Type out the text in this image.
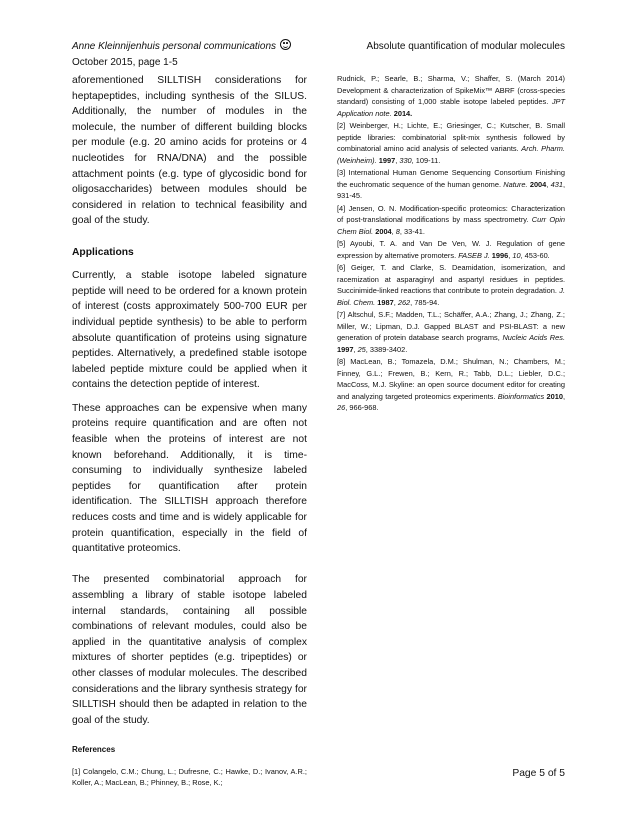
Anne Kleinnijenhuis personal communications
October 2015, page 1-5
Absolute quantification of modular molecules

aforementioned SILLTISH considerations for heptapeptides, including synthesis of the SILUS. Additionally, the number of modules in the molecule, the number of different building blocks per module (e.g. 20 amino acids for proteins or 4 nucleotides for RNA/DNA) and the possible attachment points (e.g. type of glycosidic bond for oligosaccharides) between modules should be considered in relation to technical feasibility and goal of the study.

Applications

Currently, a stable isotope labeled signature peptide will need to be ordered for a known protein of interest (costs approximately 500-700 EUR per individual peptide synthesis) to be able to perform absolute quantification of proteins using signature peptides. Alternatively, a predefined stable isotope labeled peptide mixture could be applied when it contains the detection peptide of interest.

These approaches can be expensive when many proteins require quantification and are often not feasible when the proteins of interest are not known beforehand. Additionally, it is time-consuming to individually synthesize labeled peptides for quantification after protein identification. The SILLTISH approach therefore reduces costs and time and is widely applicable for protein quantification, especially in the field of quantitative proteomics.

The presented combinatorial approach for assembling a library of stable isotope labeled internal standards, containing all possible combinations of relevant modules, could also be applied in the quantitative analysis of complex mixtures of shorter peptides (e.g. tripeptides) or other classes of modular molecules. The described considerations and the library synthesis strategy for SILLTISH should then be adapted in relation to the goal of the study.

References

[1] Colangelo, C.M.; Chung, L.; Dufresne, C.; Hawke, D.; Ivanov, A.R.; Koller, A.; MacLean, B.; Phinney, B.; Rose, K.;

Rudnick, P.; Searle, B.; Sharma, V.; Shaffer, S. (March 2014) Development & characterization of SpikeMix™ ABRF (cross-species standard) consisting of 1,000 stable isotope labeled peptides. JPT Application note. 2014.

[2] Weinberger, H.; Lichte, E.; Griesinger, C.; Kutscher, B. Small peptide libraries: combinatorial split-mix synthesis followed by combinatorial amino acid analysis of selected variants. Arch. Pharm. (Weinheim). 1997, 330, 109-11.

[3] International Human Genome Sequencing Consortium Finishing the euchromatic sequence of the human genome. Nature. 2004, 431, 931-45.

[4] Jensen, O. N. Modification-specific proteomics: Characterization of post-translational modifications by mass spectrometry. Curr Opin Chem Biol. 2004, 8, 33-41.

[5] Ayoubi, T. A. and Van De Ven, W. J. Regulation of gene expression by alternative promoters. FASEB J. 1996, 10, 453-60.

[6] Geiger, T. and Clarke, S. Deamidation, isomerization, and racemization at asparaginyl and aspartyl residues in peptides. Succinimide-linked reactions that contribute to protein degradation. J. Biol. Chem. 1987, 262, 785-94.

[7] Altschul, S.F.; Madden, T.L.; Schäffer, A.A.; Zhang, J.; Zhang, Z.; Miller, W.; Lipman, D.J. Gapped BLAST and PSI-BLAST: a new generation of protein database search programs, Nucleic Acids Res. 1997, 25, 3389-3402.

[8] MacLean, B.; Tomazela, D.M.; Shulman, N.; Chambers, M.; Finney, G.L.; Frewen, B.; Kern, R.; Tabb, D.L.; Liebler, D.C.; MacCoss, M.J. Skyline: an open source document editor for creating and analyzing targeted proteomics experiments. Bioinformatics 2010, 26, 966-968.

Page 5 of 5
